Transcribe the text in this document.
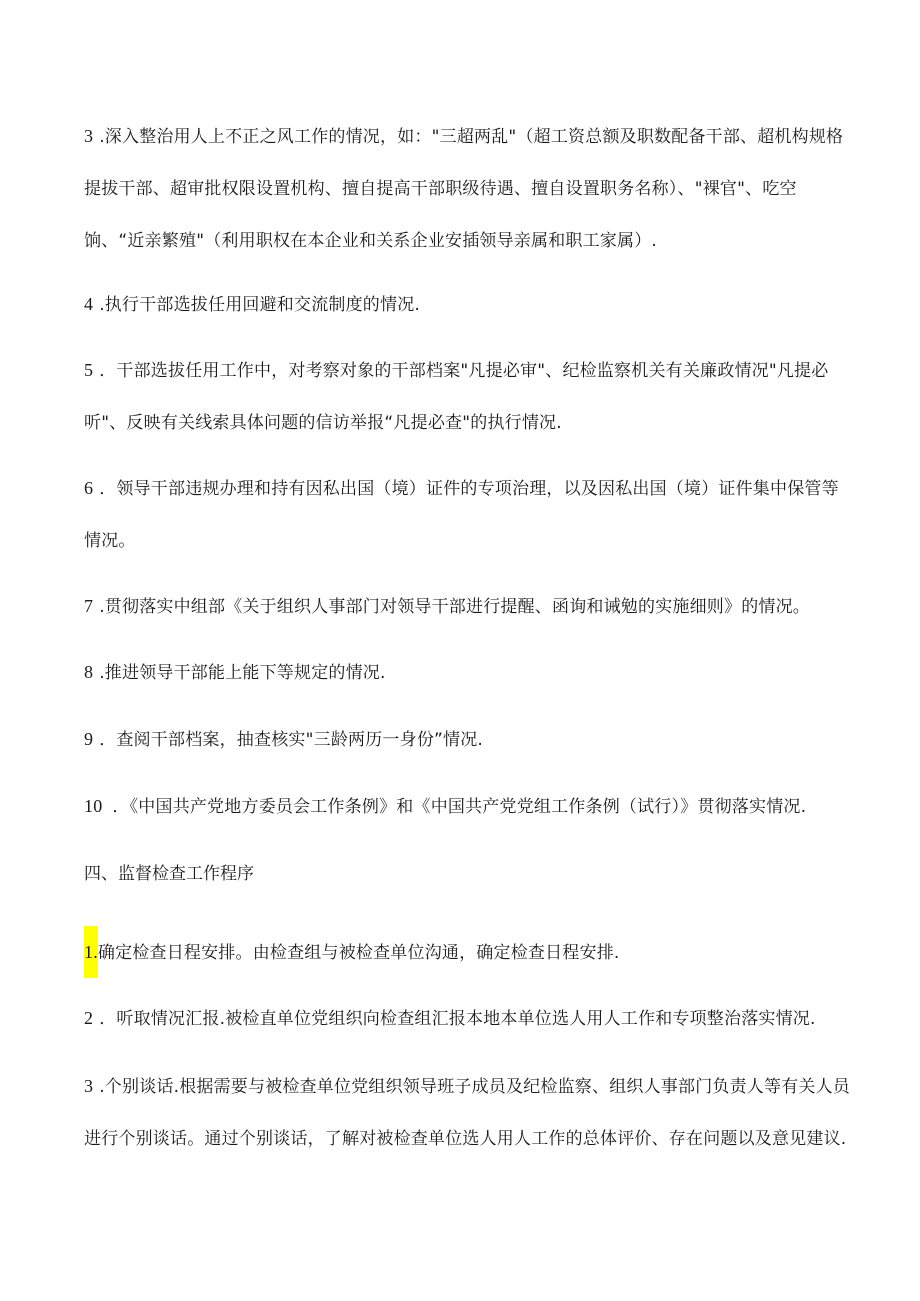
3 .深入整治用人上不正之风工作的情况，如："三超两乱"（超工资总额及职数配备干部、超机构规格提拔干部、超审批权限设置机构、擅自提高干部职级待遇、擅自设置职务名称）、"裸官"、吃空饷、“近亲繁殖"（利用职权在本企业和关系企业安插领导亲属和职工家属）.
4 .执行干部选拔任用回避和交流制度的情况.
5 ．干部选拔任用工作中，对考察对象的干部档案"凡提必审"、纪检监察机关有关廉政情况"凡提必听"、反映有关线索具体问题的信访举报“凡提必查"的执行情况.
6 ．领导干部违规办理和持有因私出国（境）证件的专项治理，以及因私出国（境）证件集中保管等情况。
7 .贯彻落实中组部《关于组织人事部门对领导干部进行提醒、函询和诫勉的实施细则》的情况。
8 .推进领导干部能上能下等规定的情况.
9 ．查阅干部档案，抽查核实"三龄两历一身份”情况.
10 ．《中国共产党地方委员会工作条例》和《中国共产党党组工作条例（试行）》贯彻落实情况.
四、监督检查工作程序
1.确定检查日程安排。由检查组与被检查单位沟通，确定检查日程安排.
2 ．听取情况汇报.被检直单位党组织向检查组汇报本地本单位选人用人工作和专项整治落实情况.
3 .个别谈话.根据需要与被检查单位党组织领导班子成员及纪检监察、组织人事部门负责人等有关人员进行个别谈话。通过个别谈话，了解对被检查单位选人用人工作的总体评价、存在问题以及意见建议.
